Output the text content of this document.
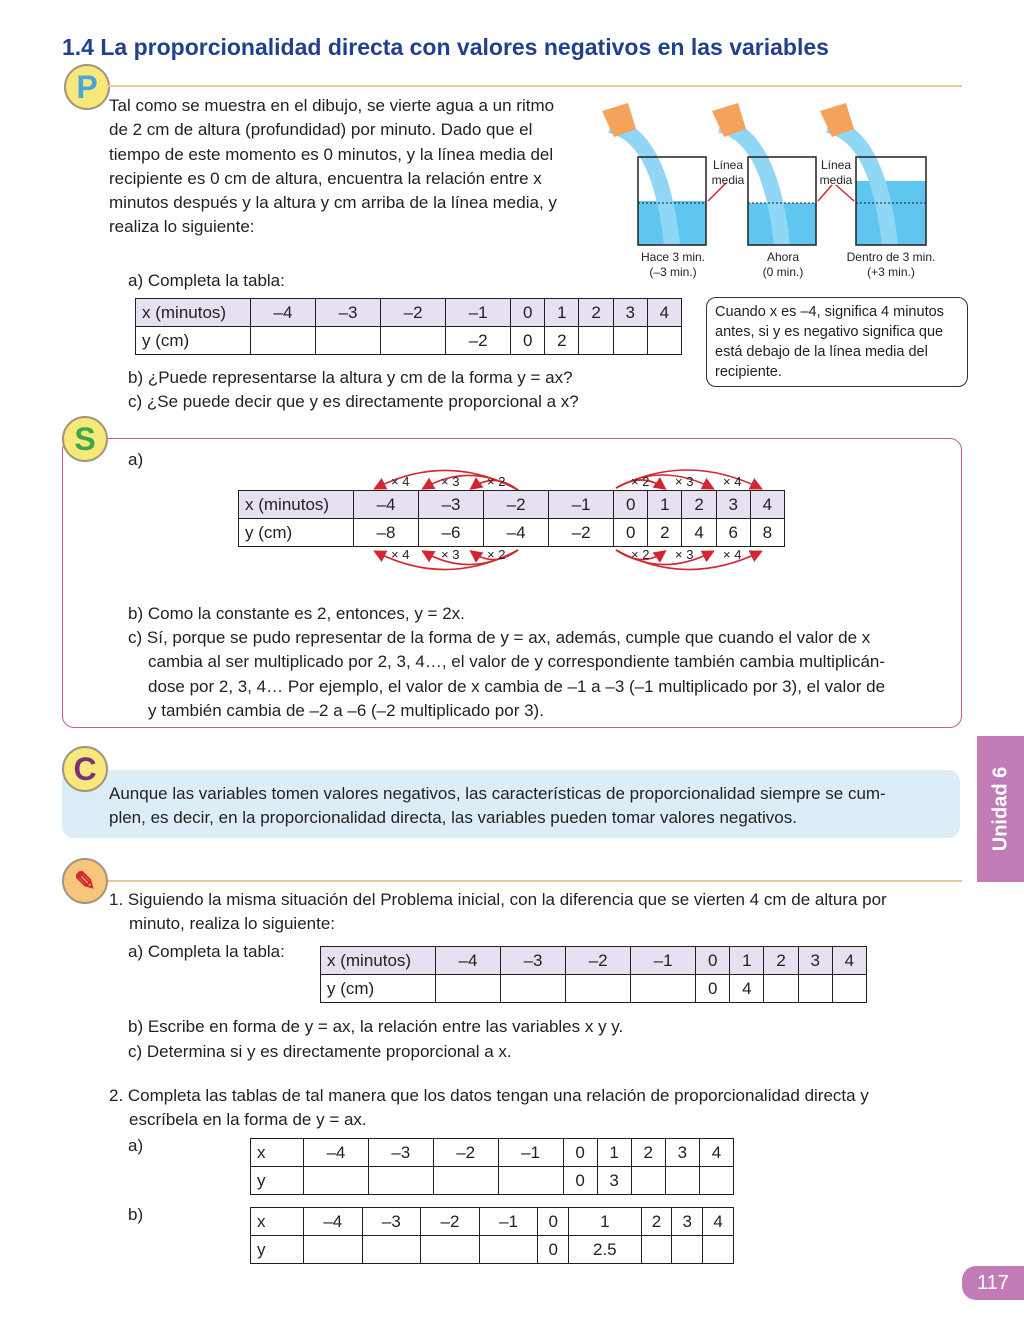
1.4 La proporcionalidad directa con valores negativos en las variables
P
Tal como se muestra en el dibujo, se vierte agua a un ritmo
de 2 cm de altura (profundidad) por minuto. Dado que el
tiempo de este momento es 0 minutos, y la línea media del
recipiente es 0 cm de altura, encuentra la relación entre x
minutos después y la altura y cm arriba de la línea media, y
realiza lo siguiente:
Línea
media
Línea
media
Hace 3 min.
(–3 min.)
Ahora
(0 min.)
Dentro de 3 min.
(+3 min.)
a) Completa la tabla:
x (minutos)	–4	–3	–2	–1	0	1	2	3	4
y (cm)				–2	0	2			
Cuando x es –4, significa 4 minutos antes, si y es negativo significa que está debajo de la línea media del recipiente.
b) ¿Puede representarse la altura y cm de la forma y = ax?
c) ¿Se puede decir que y es directamente proporcional a x?
S
a)
× 4 × 3 × 2	× 2 × 3 × 4
× 4 × 3 × 2	× 2 × 3 × 4
x (minutos)	–4	–3	–2	–1	0	1	2	3	4
y (cm)	–8	–6	–4	–2	0	2	4	6	8
b) Como la constante es 2, entonces, y = 2x.
c) Sí, porque se pudo representar de la forma de y = ax, además, cumple que cuando el valor de x
cambia al ser multiplicado por 2, 3, 4…, el valor de y correspondiente también cambia multiplicán-
dose por 2, 3, 4… Por ejemplo, el valor de x cambia de –1 a –3 (–1 multiplicado por 3), el valor de
y también cambia de –2 a –6 (–2 multiplicado por 3).
C
Aunque las variables tomen valores negativos, las características de proporcionalidad siempre se cum-
plen, es decir, en la proporcionalidad directa, las variables pueden tomar valores negativos.	Unidad 6
✎
1. Siguiendo la misma situación del Problema inicial, con la diferencia que se vierten 4 cm de altura por
minuto, realiza lo siguiente:
a) Completa la tabla: x (minutos)	–4	–3	–2	–1	0	1	2	3	4
y (cm)					0	4			
b) Escribe en forma de y = ax, la relación entre las variables x y y.
c) Determina si y es directamente proporcional a x.
2. Completa las tablas de tal manera que los datos tengan una relación de proporcionalidad directa y
escríbela en la forma de y = ax.
a)	x	–4	–3	–2	–1	0	1	2	3	4
y					0	3			
b)	x	–4	–3	–2	–1	0	1	2	3	4
y					0	2.5			
117
